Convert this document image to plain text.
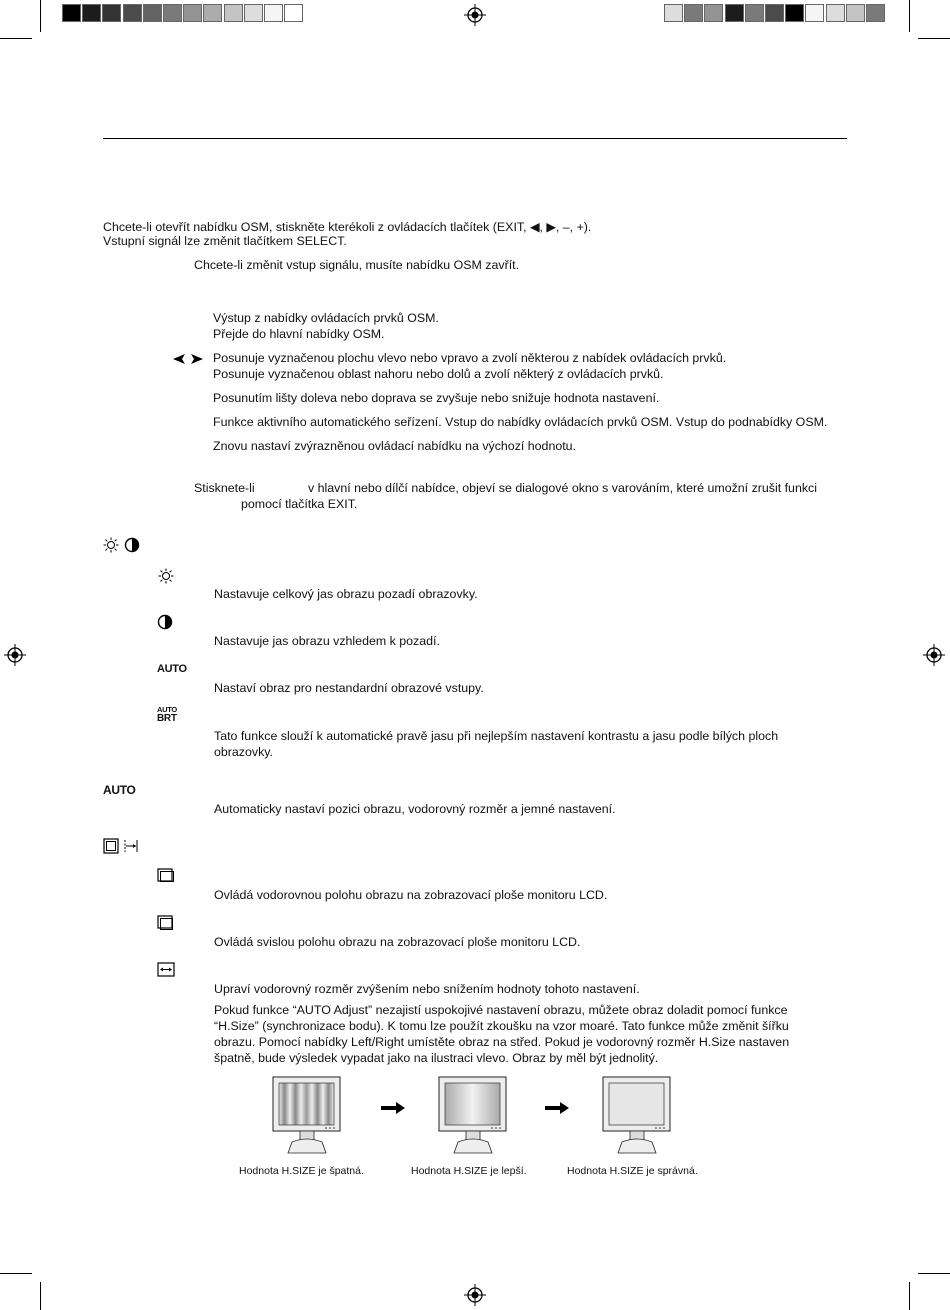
Chcete-li otevřít nabídku OSM, stiskněte kterékoli z ovládacích tlačítek (EXIT, ◀, ▶, –, +).
Vstupní signál lze změnit tlačítkem SELECT.
Chcete-li změnit vstup signálu, musíte nabídku OSM zavřít.
Výstup z nabídky ovládacích prvků OSM.
Přejde do hlavní nabídky OSM.
Posunuje vyznačenou plochu vlevo nebo vpravo a zvolí některou z nabídek ovládacích prvků.
Posunuje vyznačenou oblast nahoru nebo dolů a zvolí některý z ovládacích prvků.
Posunutím lišty doleva nebo doprava se zvyšuje nebo snižuje hodnota nastavení.
Funkce aktivního automatického seřízení. Vstup do nabídky ovládacích prvků OSM. Vstup do podnabídky OSM.
Znovu nastaví zvýrazněnou ovládací nabídku na výchozí hodnotu.
Stisknete-li	v hlavní nebo dílčí nabídce, objeví se dialogové okno s varováním, které umožní zrušit funkci
pomocí tlačítka EXIT.
Nastavuje celkový jas obrazu pozadí obrazovky.
Nastavuje jas obrazu vzhledem k pozadí.
AUTO
Nastaví obraz pro nestandardní obrazové vstupy.
AUTO
BRT
Tato funkce slouží k automatické pravě jasu při nejlepším nastavení kontrastu a jasu podle bílých ploch obrazovky.
AUTO
Automaticky nastaví pozici obrazu, vodorovný rozměr a jemné nastavení.
Ovládá vodorovnou polohu obrazu na zobrazovací ploše monitoru LCD.
Ovládá svislou polohu obrazu na zobrazovací ploše monitoru LCD.
Upraví vodorovný rozměr zvýšením nebo snížením hodnoty tohoto nastavení.
Pokud funkce “AUTO Adjust” nezajistí uspokojivé nastavení obrazu, můžete obraz doladit pomocí funkce “H.Size” (synchronizace bodu). K tomu lze použít zkoušku na vzor moaré. Tato funkce může změnit šířku obrazu. Pomocí nabídky Left/Right umístěte obraz na střed. Pokud je vodorovný rozměr H.Size nastaven špatně, bude výsledek vypadat jako na ilustraci vlevo. Obraz by měl být jednolitý.
Hodnota H.SIZE je špatná.	Hodnota H.SIZE je lepší.	Hodnota H.SIZE je správná.
